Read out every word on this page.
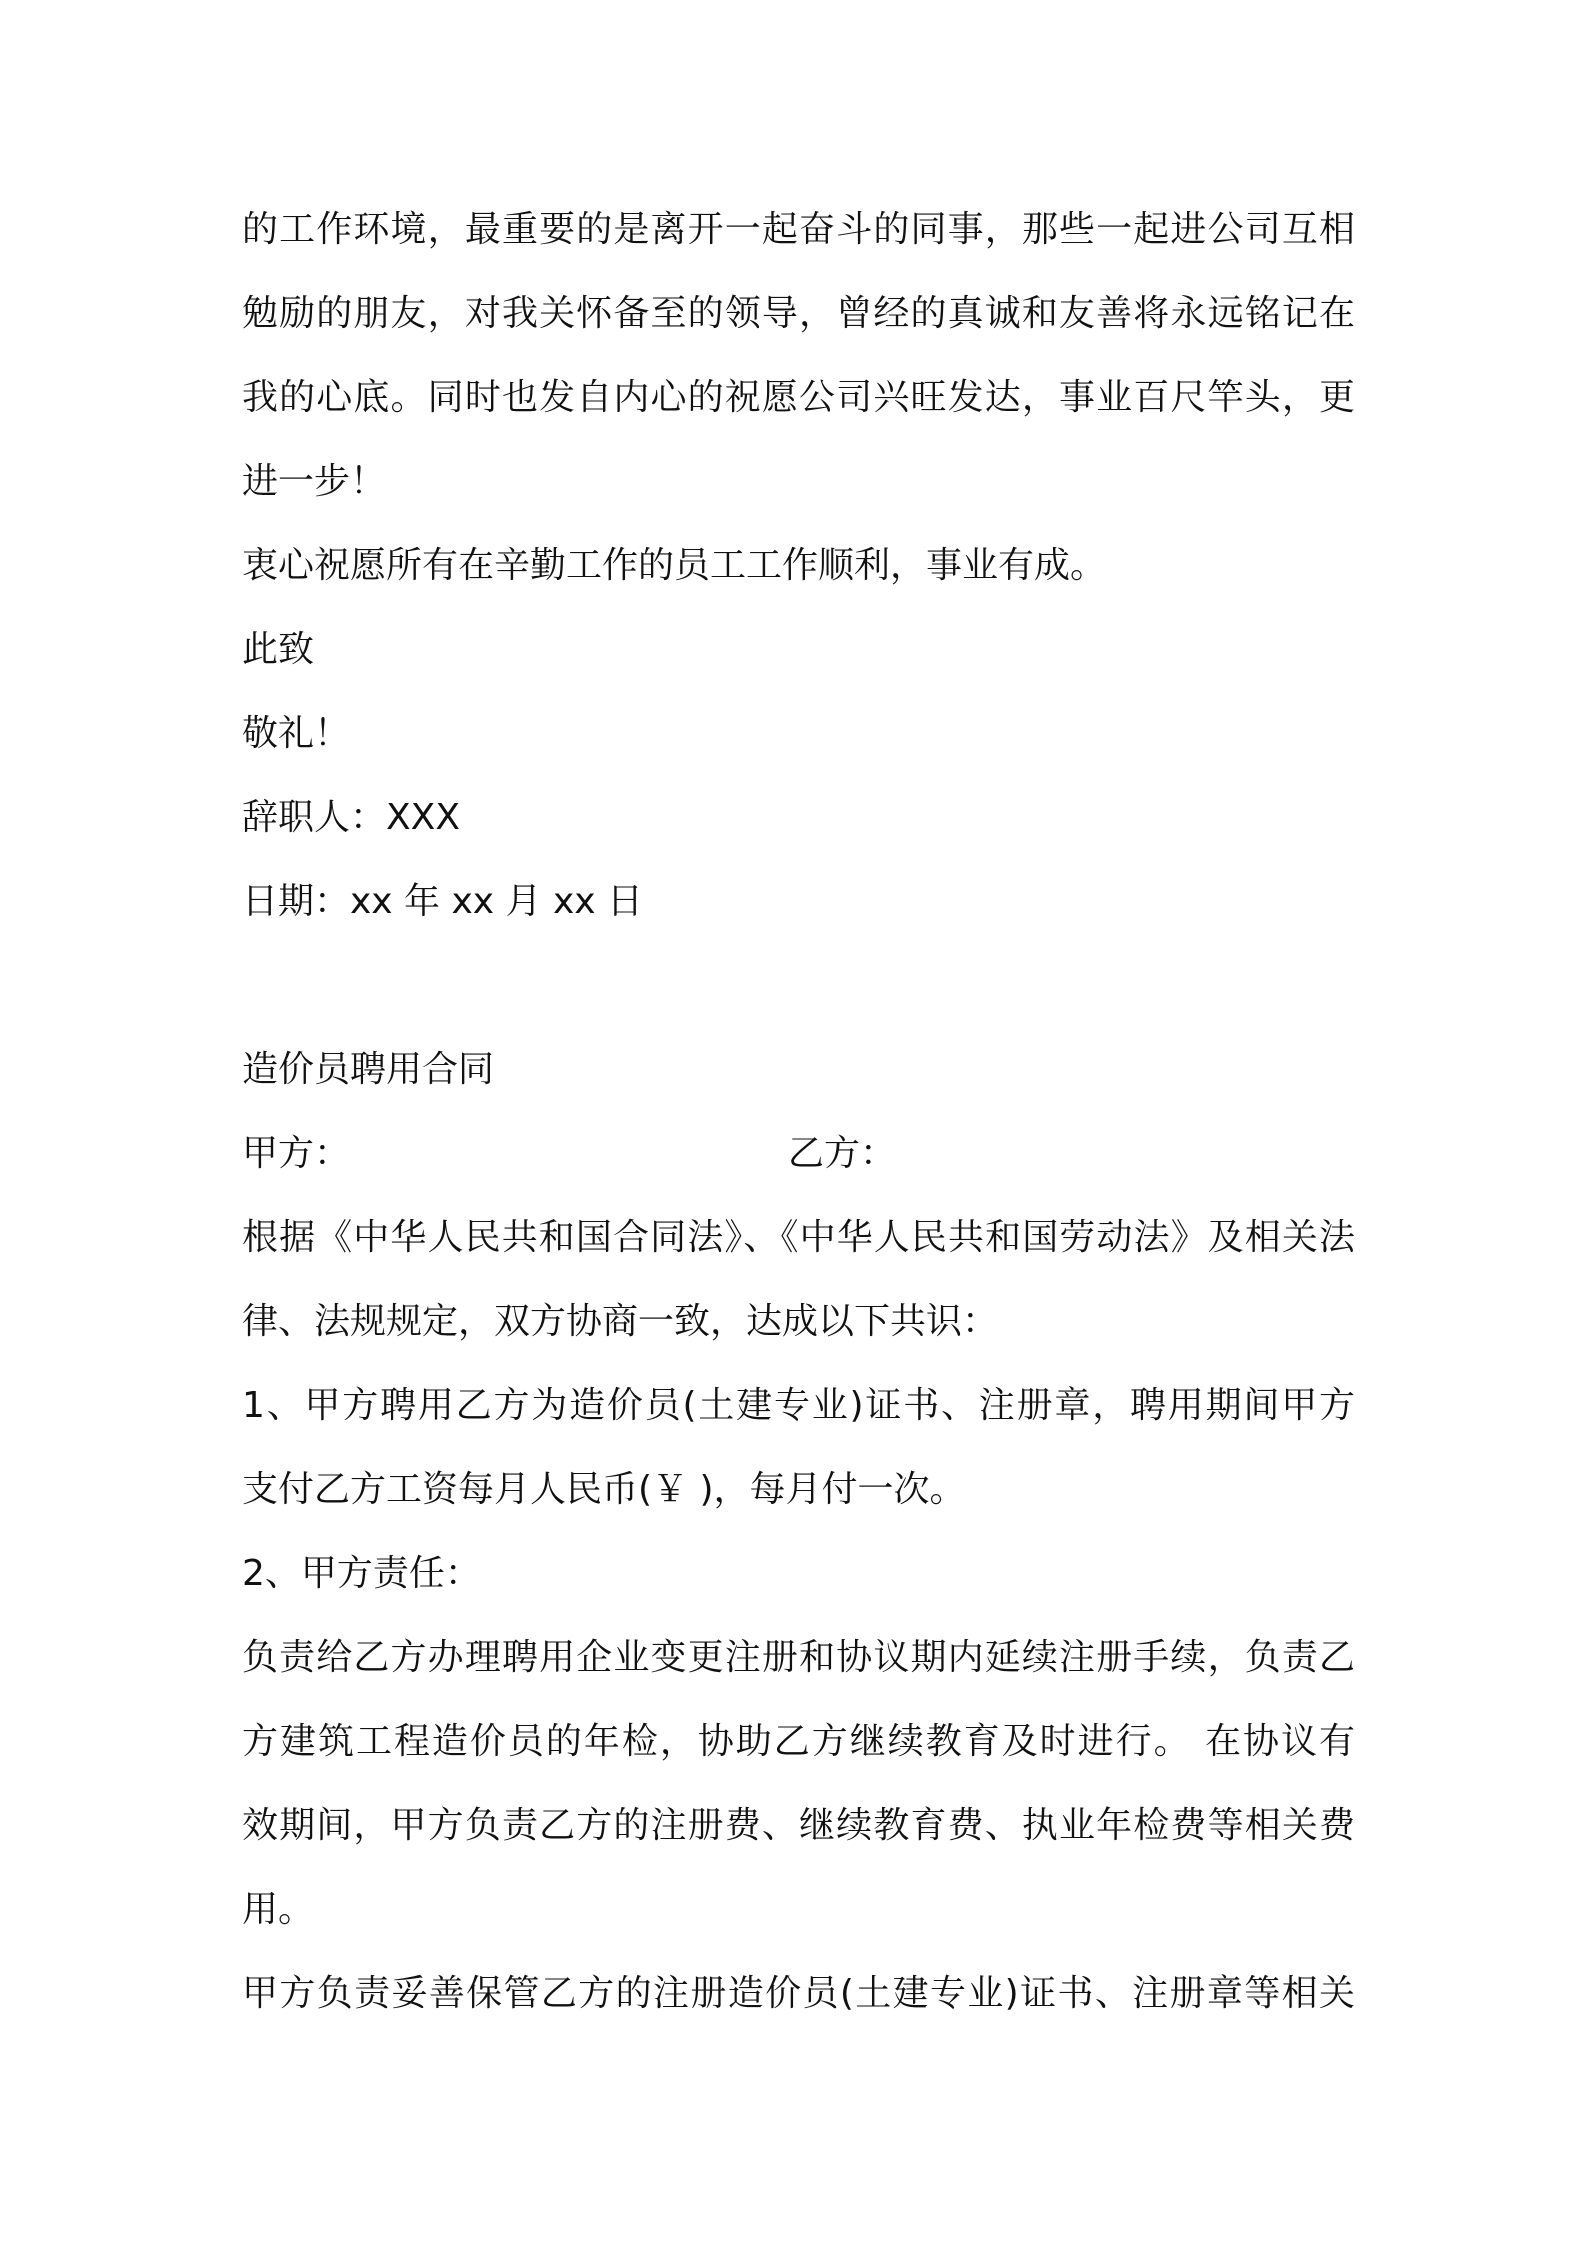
的工作环境，最重要的是离开一起奋斗的同事，那些一起进公司互相
勉励的朋友，对我关怀备至的领导，曾经的真诚和友善将永远铭记在
我的心底。同时也发自内心的祝愿公司兴旺发达，事业百尺竿头，更
进一步！
衷心祝愿所有在辛勤工作的员工工作顺利，事业有成。
此致
敬礼！
辞职人：XXX
日期：xx 年 xx 月 xx 日
造价员聘用合同
甲方：	乙方：
根据《中华人民共和国合同法》、《中华人民共和国劳动法》及相关法
律、法规规定，双方协商一致，达成以下共识：
1、甲方聘用乙方为造价员(土建专业)证书、注册章，聘用期间甲方
支付乙方工资每月人民币(￥ )，每月付一次。
2、甲方责任：
负责给乙方办理聘用企业变更注册和协议期内延续注册手续，负责乙
方建筑工程造价员的年检，协助乙方继续教育及时进行。 在协议有
效期间，甲方负责乙方的注册费、继续教育费、执业年检费等相关费
用。
甲方负责妥善保管乙方的注册造价员(土建专业)证书、注册章等相关
